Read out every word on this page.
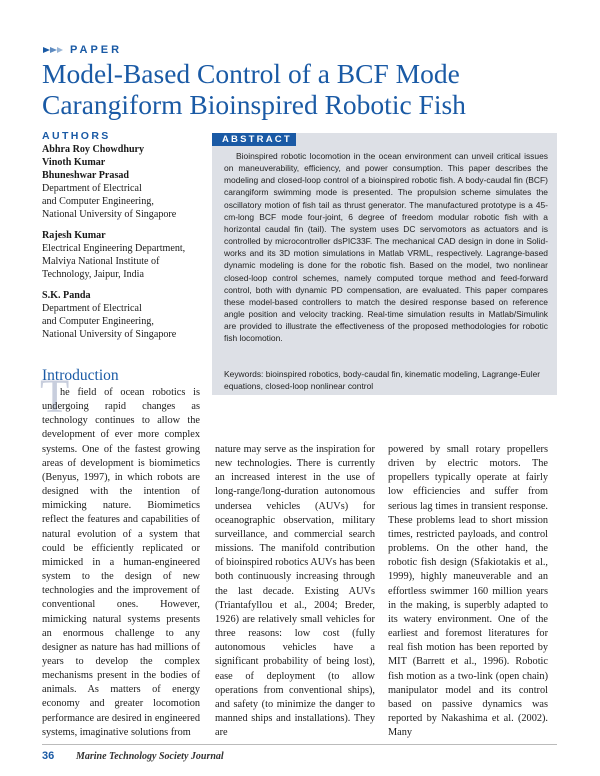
PAPER
Model-Based Control of a BCF Mode Carangiform Bioinspired Robotic Fish
AUTHORS
Abhra Roy Chowdhury
Vinoth Kumar
Bhuneshwar Prasad
Department of Electrical
and Computer Engineering,
National University of Singapore
Rajesh Kumar
Electrical Engineering Department,
Malviya National Institute of
Technology, Jaipur, India
S.K. Panda
Department of Electrical
and Computer Engineering,
National University of Singapore
ABSTRACT
Bioinspired robotic locomotion in the ocean environment can unveil critical issues on maneuverability, efficiency, and power consumption. This paper describes the modeling and closed-loop control of a bioinspired robotic fish. A body-caudal fin (BCF) carangiform swimming mode is presented. The propulsion scheme simulates the oscillatory motion of fish tail as thrust generator. The manufactured prototype is a 45-cm-long BCF mode four-joint, 6 degree of freedom modular robotic fish with a horizontal caudal fin (tail). The system uses DC servomotors as actuators and is controlled by microcontroller dsPIC33F. The mechanical CAD design in done in Solid-works and its 3D motion simulations in Matlab VRML, respectively. Lagrange-based dynamic modeling is done for the robotic fish. Based on the model, two nonlinear closed-loop control schemes, namely computed torque method and feed-forward control, both with dynamic PD compensation, are evaluated. This paper compares these model-based controllers to match the desired response based on reference angle position and velocity tracking. Real-time simulation results in Matlab/Simulink are provided to illustrate the effectiveness of the proposed methodologies for robotic fish locomotion.
Keywords: bioinspired robotics, body-caudal fin, kinematic modeling, Lagrange-Euler equations, closed-loop nonlinear control
T
Introduction
he field of ocean robotics is undergoing rapid changes as technology continues to allow the development of ever more complex systems. One of the fastest growing areas of development is biomimetics (Benyus, 1997), in which robots are designed with the intention of mimicking nature. Biomimetics reflect the features and capabilities of natural evolution of a system that could be efficiently replicated or mimicked in a human-engineered system to the design of new technologies and the improvement of conventional ones. However, mimicking natural systems presents an enormous challenge to any designer as nature has had millions of years to develop the complex mechanisms present in the bodies of animals. As matters of energy economy and greater locomotion performance are desired in engineered systems, imaginative solutions from
nature may serve as the inspiration for new technologies. There is currently an increased interest in the use of long-range/long-duration autonomous undersea vehicles (AUVs) for oceanographic observation, military surveillance, and commercial search missions. The manifold contribution of bioinspired robotics AUVs has been both continuously increasing through the last decade. Existing AUVs (Triantafyllou et al., 2004; Breder, 1926) are relatively small vehicles for three reasons: low cost (fully autonomous vehicles have a significant probability of being lost), ease of deployment (to allow operations from conventional ships), and safety (to minimize the danger to manned ships and installations). They are
powered by small rotary propellers driven by electric motors. The propellers typically operate at fairly low efficiencies and suffer from serious lag times in transient response. These problems lead to short mission times, restricted payloads, and control problems. On the other hand, the robotic fish design (Sfakiotakis et al., 1999), highly maneuverable and an effortless swimmer 160 million years in the making, is superbly adapted to its watery environment. One of the earliest and foremost literatures for real fish motion has been reported by MIT (Barrett et al., 1996). Robotic fish motion as a two-link (open chain) manipulator model and its control based on passive dynamics was reported by Nakashima et al. (2002). Many
36 Marine Technology Society Journal
